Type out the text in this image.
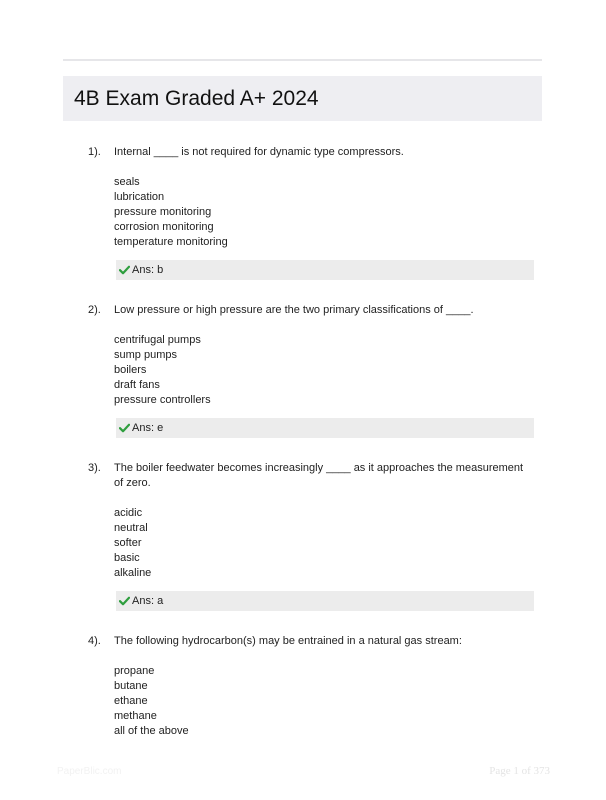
4B Exam Graded A+ 2024
1). Internal ____ is not required for dynamic type compressors.
seals
lubrication
pressure monitoring
corrosion monitoring
temperature monitoring
Ans: b
2). Low pressure or high pressure are the two primary classifications of ____.
centrifugal pumps
sump pumps
boilers
draft fans
pressure controllers
Ans: e
3). The boiler feedwater becomes increasingly ____ as it approaches the measurement of zero.
acidic
neutral
softer
basic
alkaline
Ans: a
4). The following hydrocarbon(s) may be entrained in a natural gas stream:
propane
butane
ethane
methane
all of the above
PaperBlic.com	Page 1 of 373
